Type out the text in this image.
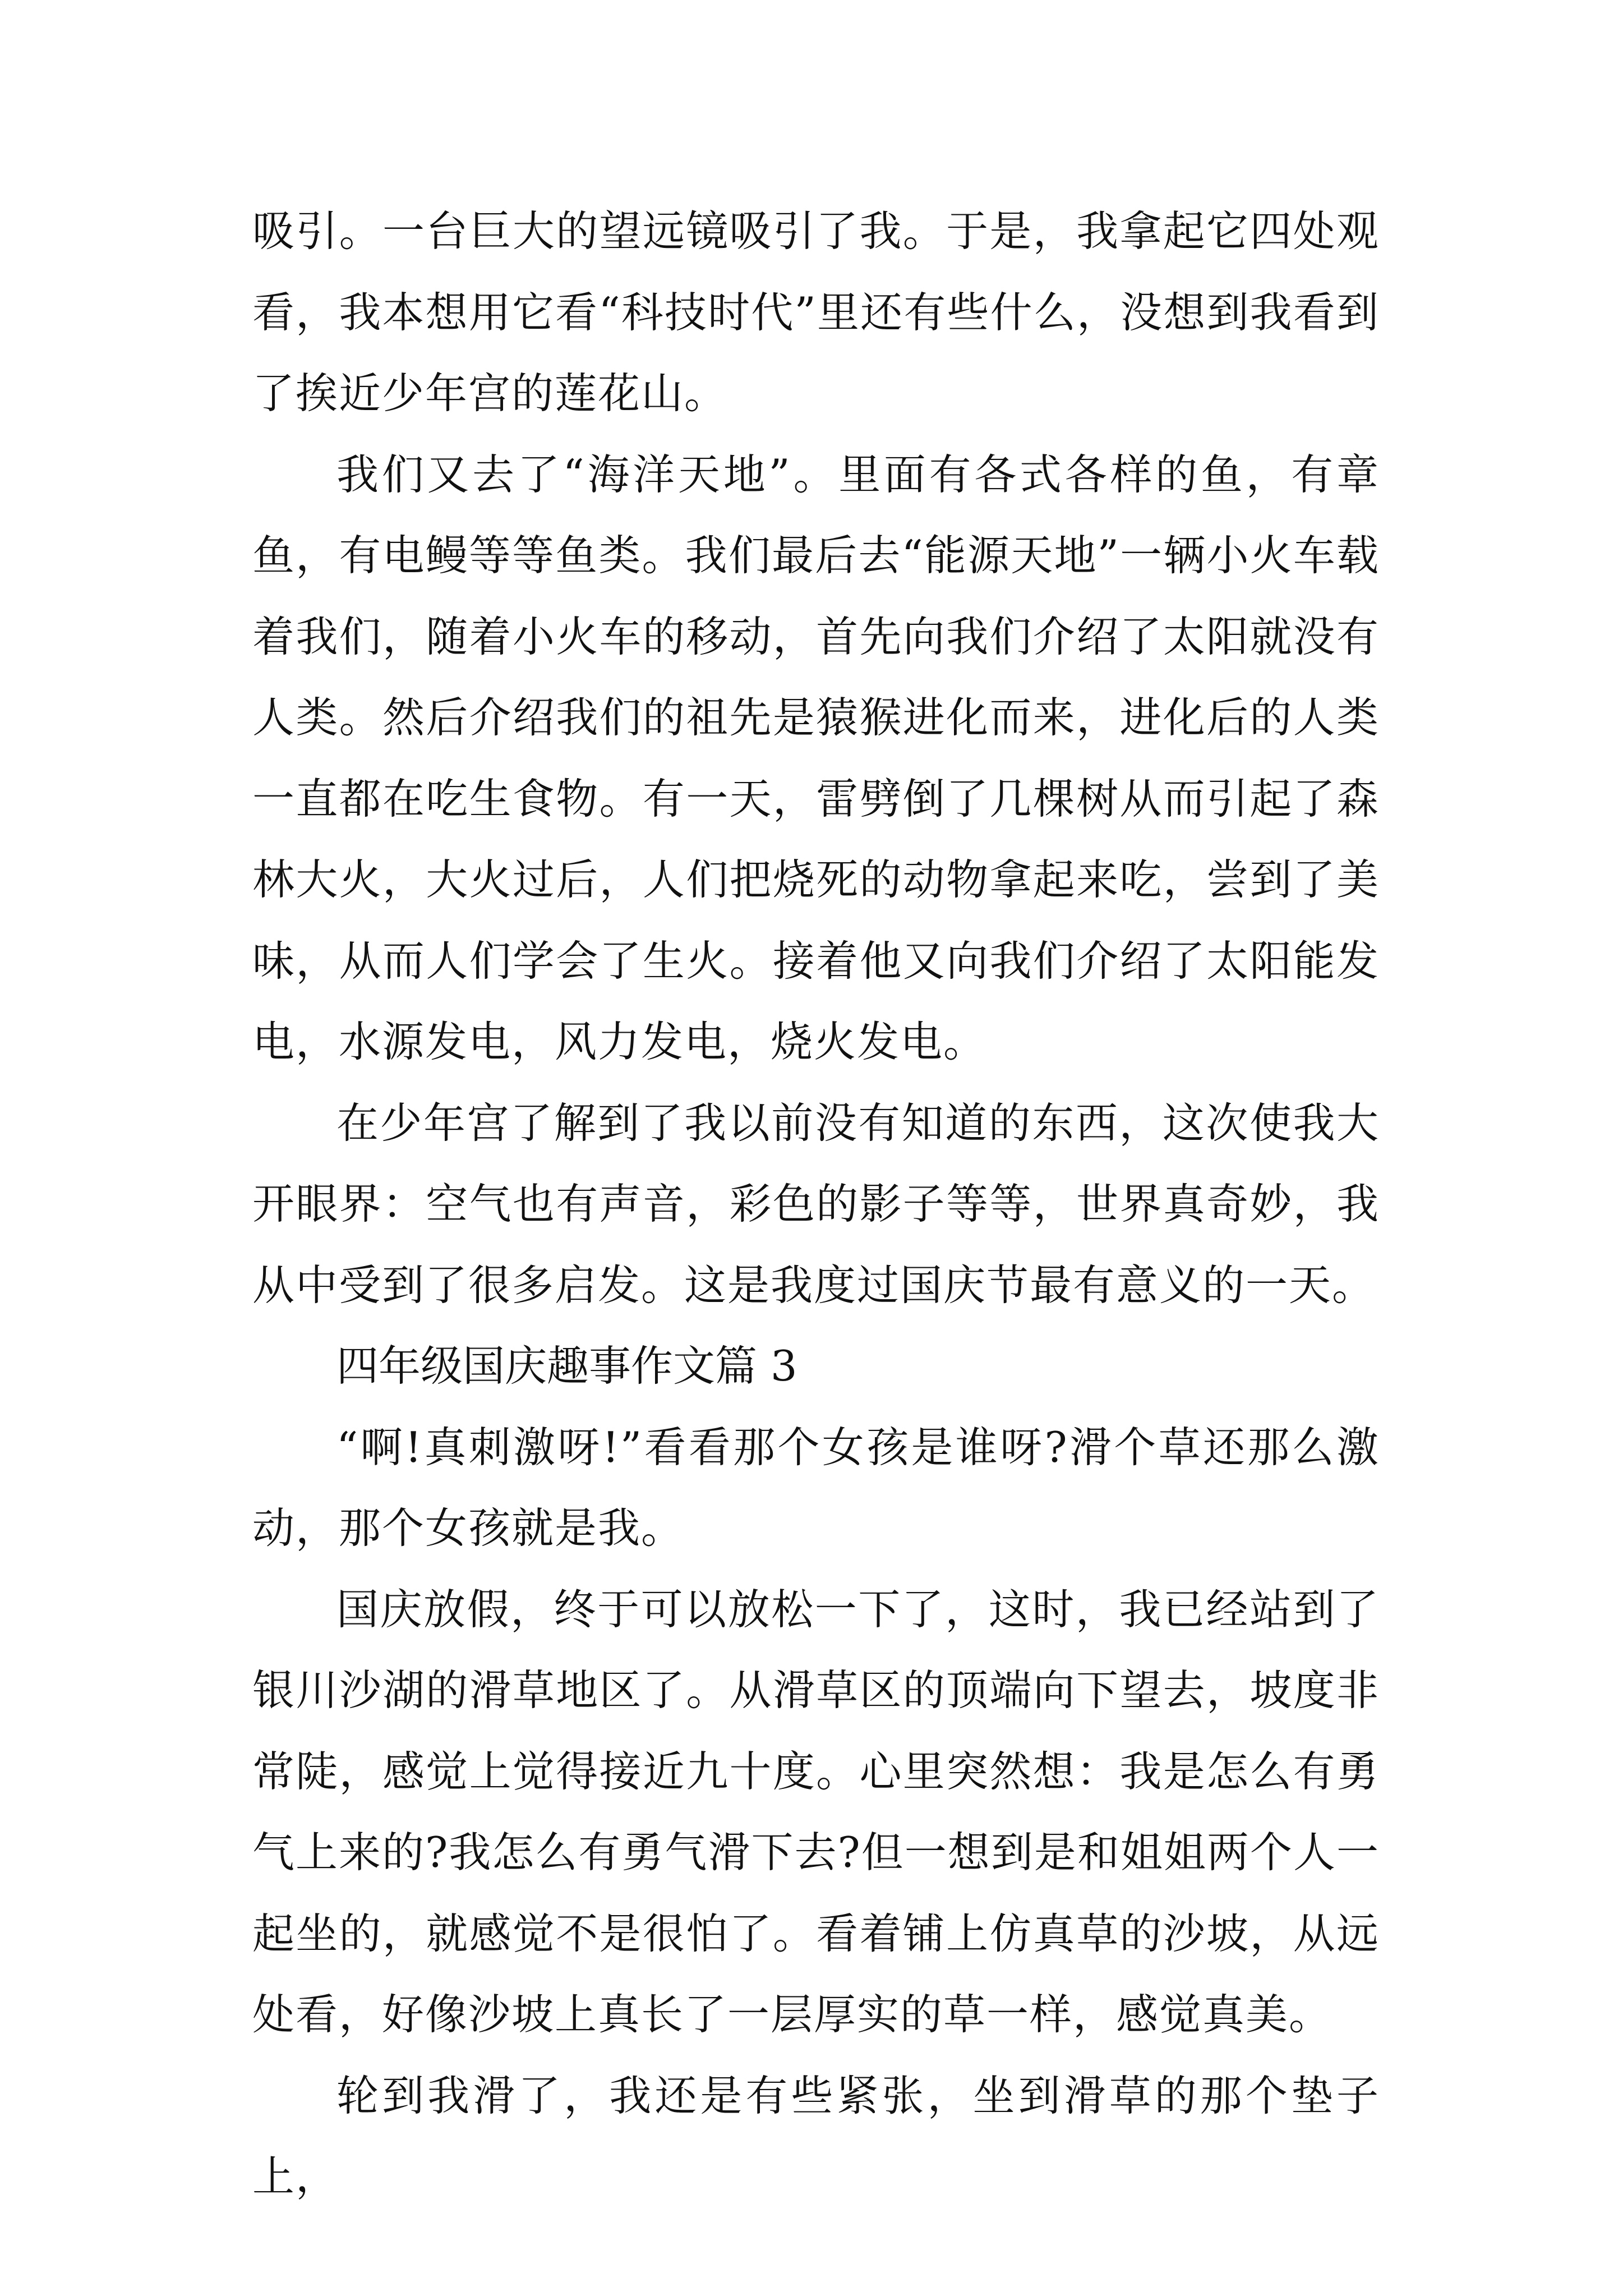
吸引。一台巨大的望远镜吸引了我。于是，我拿起它四处观看，我本想用它看“科技时代”里还有些什么，没想到我看到了挨近少年宫的莲花山。

我们又去了“海洋天地”。里面有各式各样的鱼，有章鱼，有电鳗等等鱼类。我们最后去“能源天地”一辆小火车载着我们，随着小火车的移动，首先向我们介绍了太阳就没有人类。然后介绍我们的祖先是猿猴进化而来，进化后的人类一直都在吃生食物。有一天，雷劈倒了几棵树从而引起了森林大火，大火过后，人们把烧死的动物拿起来吃，尝到了美味，从而人们学会了生火。接着他又向我们介绍了太阳能发电，水源发电，风力发电，烧火发电。

在少年宫了解到了我以前没有知道的东西，这次使我大开眼界：空气也有声音，彩色的影子等等，世界真奇妙，我从中受到了很多启发。这是我度过国庆节最有意义的一天。

四年级国庆趣事作文篇 3

“啊!真刺激呀!”看看那个女孩是谁呀?滑个草还那么激动，那个女孩就是我。

国庆放假，终于可以放松一下了，这时，我已经站到了银川沙湖的滑草地区了。从滑草区的顶端向下望去，坡度非常陡，感觉上觉得接近九十度。心里突然想：我是怎么有勇气上来的?我怎么有勇气滑下去?但一想到是和姐姐两个人一起坐的，就感觉不是很怕了。看着铺上仿真草的沙坡，从远处看，好像沙坡上真长了一层厚实的草一样，感觉真美。

轮到我滑了，我还是有些紧张，坐到滑草的那个垫子上，
